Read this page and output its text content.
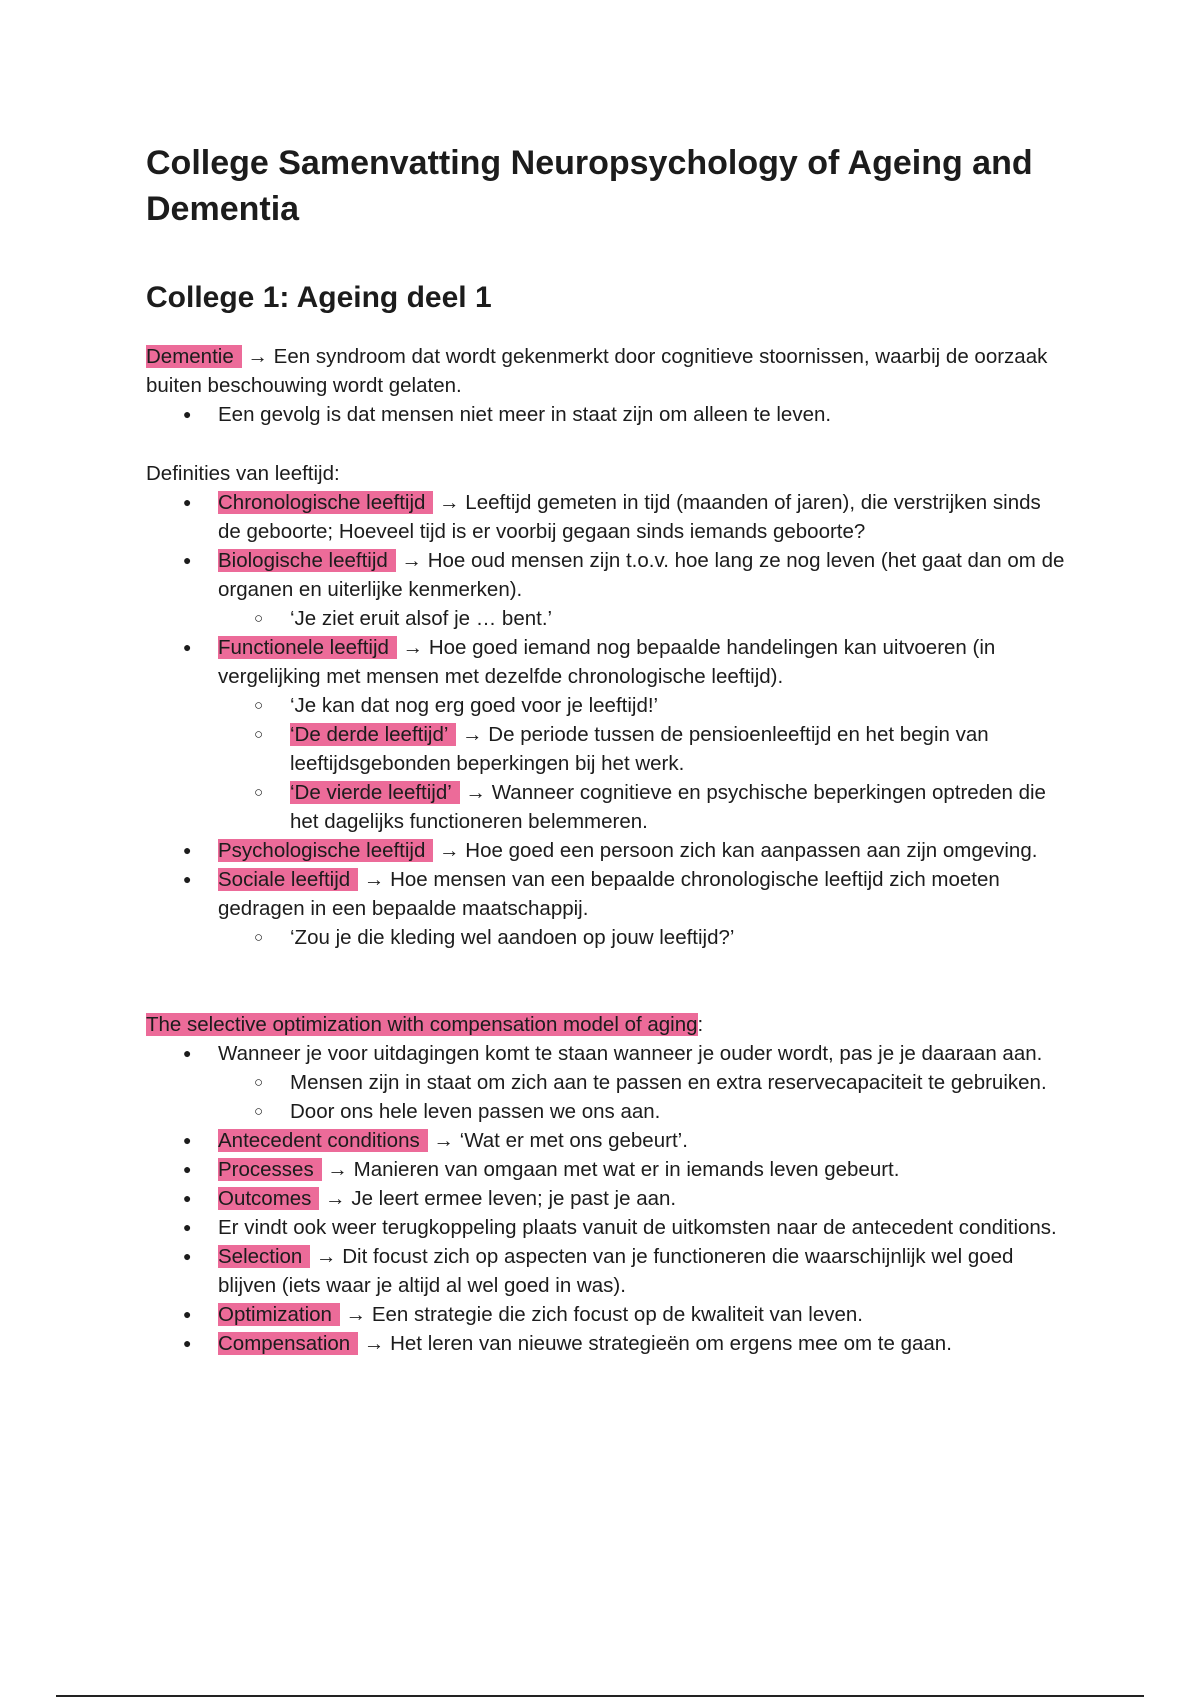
College Samenvatting Neuropsychology of Ageing and Dementia
College 1: Ageing deel 1

Dementie → Een syndroom dat wordt gekenmerkt door cognitieve stoornissen, waarbij de oorzaak buiten beschouwing wordt gelaten.

● Een gevolg is dat mensen niet meer in staat zijn om alleen te leven.

Definities van leeftijd:

● Chronologische leeftijd → Leeftijd gemeten in tijd (maanden of jaren), die verstrijken sinds de geboorte; Hoeveel tijd is er voorbij gegaan sinds iemands geboorte?
● Biologische leeftijd → Hoe oud mensen zijn t.o.v. hoe lang ze nog leven (het gaat dan om de organen en uiterlijke kenmerken).
○ ‘Je ziet eruit alsof je … bent.’
● Functionele leeftijd → Hoe goed iemand nog bepaalde handelingen kan uitvoeren (in vergelijking met mensen met dezelfde chronologische leeftijd).
○ ‘Je kan dat nog erg goed voor je leeftijd!’
○ ‘De derde leeftijd’ → De periode tussen de pensioenleeftijd en het begin van leeftijdsgebonden beperkingen bij het werk.
○ ‘De vierde leeftijd’ → Wanneer cognitieve en psychische beperkingen optreden die het dagelijks functioneren belemmeren.
● Psychologische leeftijd → Hoe goed een persoon zich kan aanpassen aan zijn omgeving.
● Sociale leeftijd → Hoe mensen van een bepaalde chronologische leeftijd zich moeten gedragen in een bepaalde maatschappij.
○ ‘Zou je die kleding wel aandoen op jouw leeftijd?’

The selective optimization with compensation model of aging:

● Wanneer je voor uitdagingen komt te staan wanneer je ouder wordt, pas je je daaraan aan.
○ Mensen zijn in staat om zich aan te passen en extra reservecapaciteit te gebruiken.
○ Door ons hele leven passen we ons aan.
● Antecedent conditions → ‘Wat er met ons gebeurt’.
● Processes → Manieren van omgaan met wat er in iemands leven gebeurt.
● Outcomes → Je leert ermee leven; je past je aan.
● Er vindt ook weer terugkoppeling plaats vanuit de uitkomsten naar de antecedent conditions.
● Selection → Dit focust zich op aspecten van je functioneren die waarschijnlijk wel goed blijven (iets waar je altijd al wel goed in was).
● Optimization → Een strategie die zich focust op de kwaliteit van leven.
● Compensation → Het leren van nieuwe strategieën om ergens mee om te gaan.
